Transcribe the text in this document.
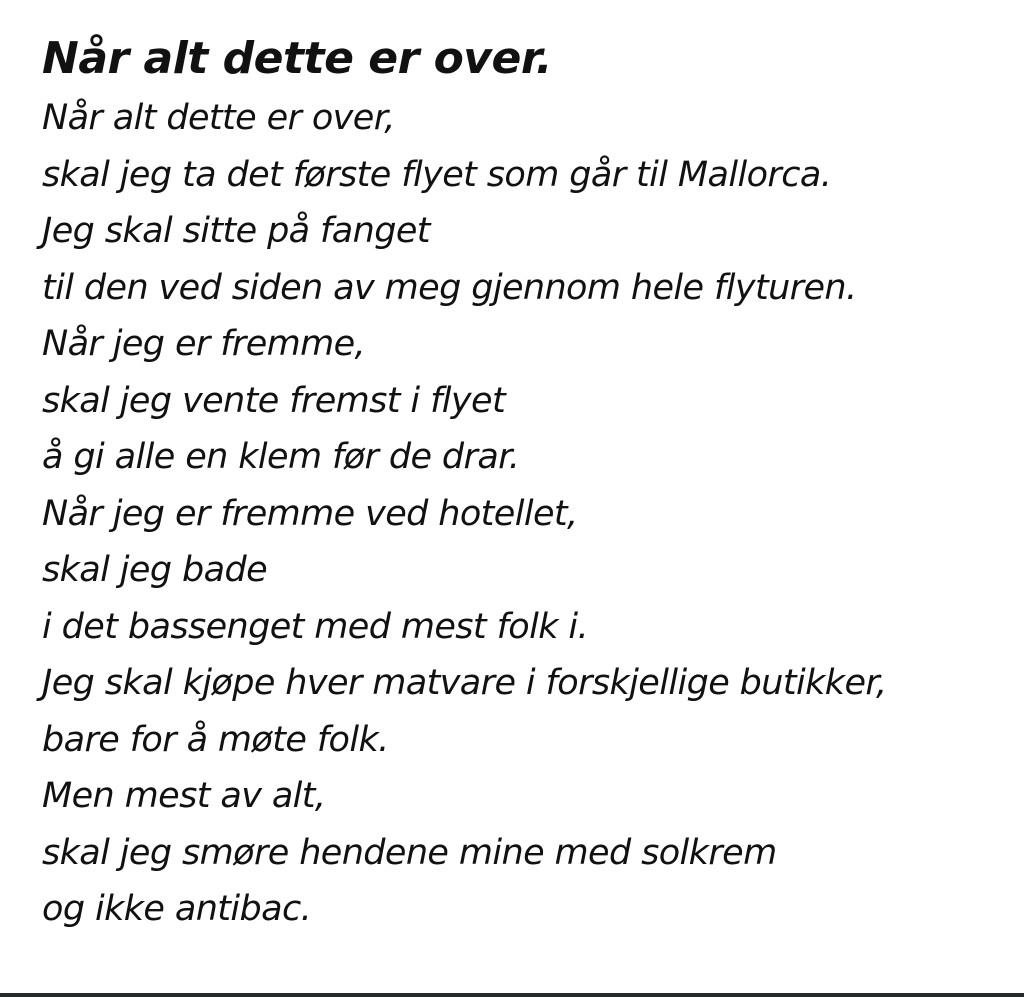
Når alt dette er over.
Når alt dette er over,
skal jeg ta det første flyet som går til Mallorca.
Jeg skal sitte på fanget
til den ved siden av meg gjennom hele flyturen.
Når jeg er fremme,
skal jeg vente fremst i flyet
å gi alle en klem før de drar.
Når jeg er fremme ved hotellet,
skal jeg bade
i det bassenget med mest folk i.
Jeg skal kjøpe hver matvare i forskjellige butikker,
bare for å møte folk.
Men mest av alt,
skal jeg smøre hendene mine med solkrem
og ikke antibac.
